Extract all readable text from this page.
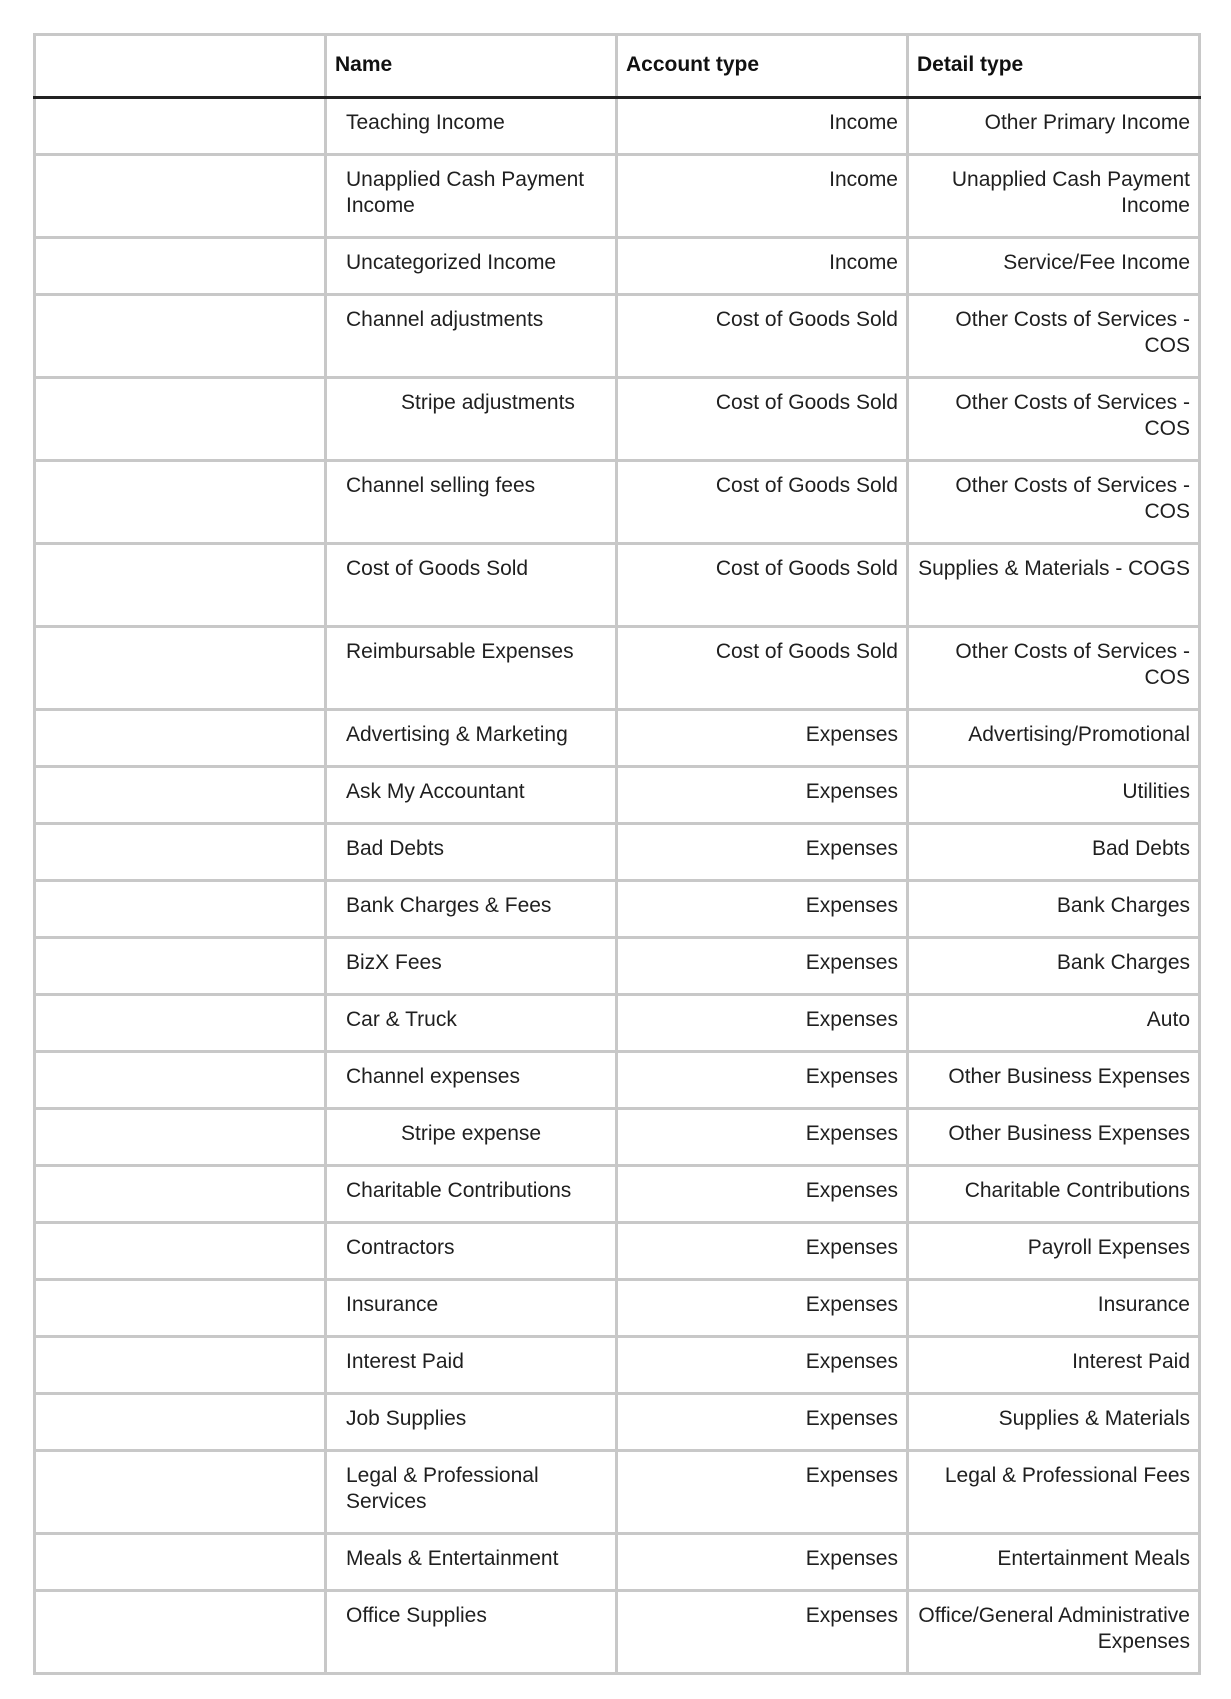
	Name	Account type	Detail type
	Teaching Income	Income	Other Primary Income
	Unapplied Cash Payment Income	Income	Unapplied Cash Payment Income
	Uncategorized Income	Income	Service/Fee Income
	Channel adjustments	Cost of Goods Sold	Other Costs of Services - COS
	Stripe adjustments	Cost of Goods Sold	Other Costs of Services - COS
	Channel selling fees	Cost of Goods Sold	Other Costs of Services - COS
	Cost of Goods Sold	Cost of Goods Sold	Supplies & Materials - COGS
	Reimbursable Expenses	Cost of Goods Sold	Other Costs of Services - COS
	Advertising & Marketing	Expenses	Advertising/Promotional
	Ask My Accountant	Expenses	Utilities
	Bad Debts	Expenses	Bad Debts
	Bank Charges & Fees	Expenses	Bank Charges
	BizX Fees	Expenses	Bank Charges
	Car & Truck	Expenses	Auto
	Channel expenses	Expenses	Other Business Expenses
	Stripe expense	Expenses	Other Business Expenses
	Charitable Contributions	Expenses	Charitable Contributions
	Contractors	Expenses	Payroll Expenses
	Insurance	Expenses	Insurance
	Interest Paid	Expenses	Interest Paid
	Job Supplies	Expenses	Supplies & Materials
	Legal & Professional Services	Expenses	Legal & Professional Fees
	Meals & Entertainment	Expenses	Entertainment Meals
	Office Supplies	Expenses	Office/General Administrative Expenses
